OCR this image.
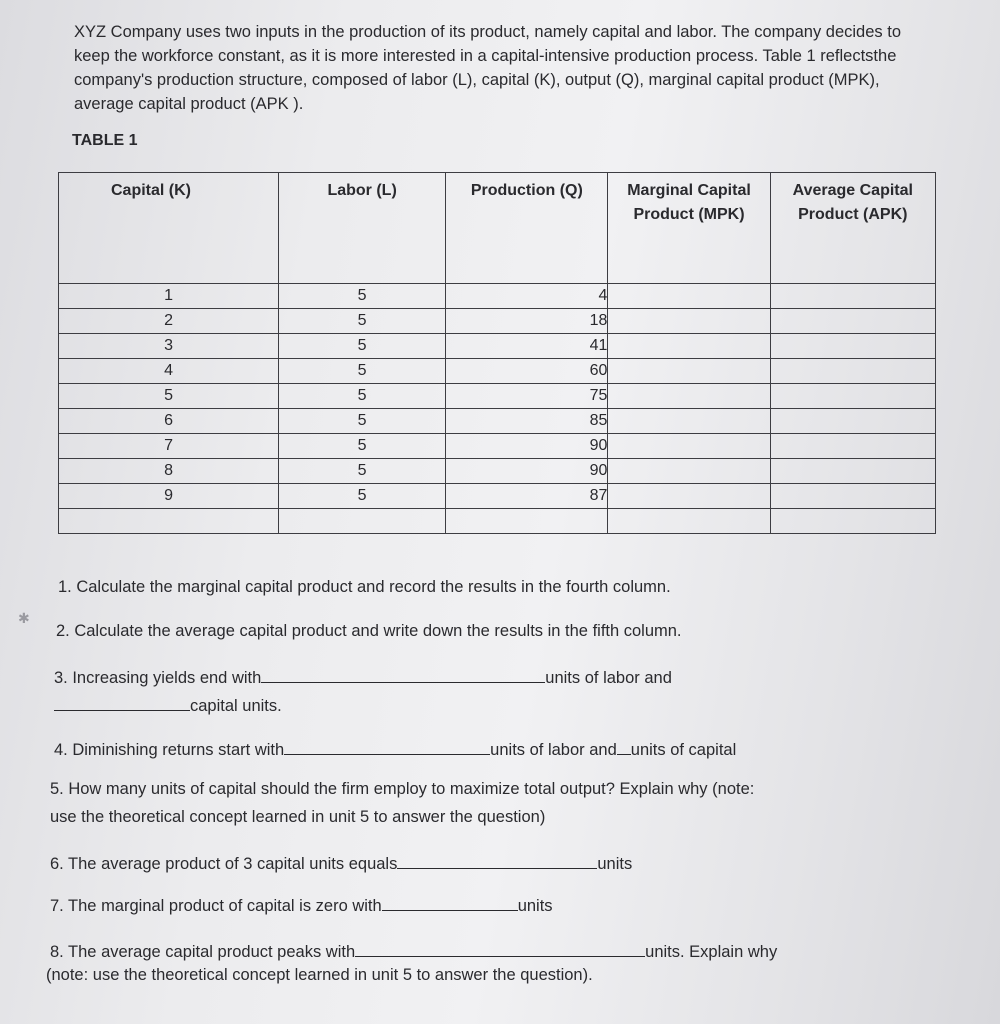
XYZ Company uses two inputs in the production of its product, namely capital and labor. The company decides to keep the workforce constant, as it is more interested in a capital-intensive production process. Table 1 reflectsthe company's production structure, composed of labor (L), capital (K), output (Q), marginal capital product (MPK), average capital product (APK ).
TABLE 1
Capital (K)	Labor (L)	Production (Q)	Marginal Capital Product (MPK)	Average Capital Product (APK)
1	5	4		
2	5	18		
3	5	41		
4	5	60		
5	5	75		
6	5	85		
7	5	90		
8	5	90		
9	5	87		

✱
1. Calculate the marginal capital product and record the results in the fourth column.
2. Calculate the average capital product and write down the results in the fifth column.
3. Increasing yields end with	units of labor and
capital units.
4. Diminishing returns start with	units of labor and units of capital
5. How many units of capital should the firm employ to maximize total output? Explain why (note:
use the theoretical concept learned in unit 5 to answer the question)
6. The average product of 3 capital units equals	units
7. The marginal product of capital is zero with	units
8. The average capital product peaks with	units. Explain why
(note: use the theoretical concept learned in unit 5 to answer the question).
